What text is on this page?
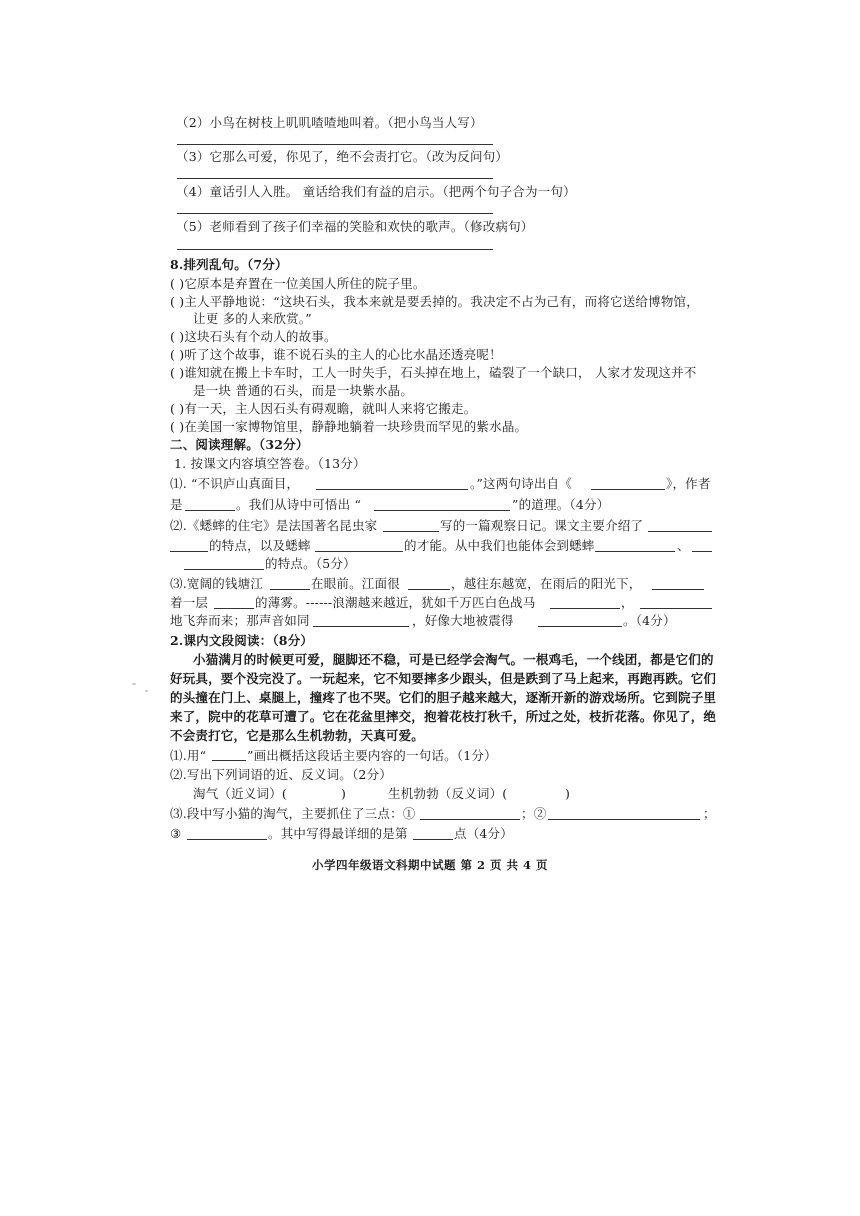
（2）小鸟在树枝上叽叽喳喳地叫着。（把小鸟当人写）
（3）它那么可爱，你见了，绝不会责打它。（改为反问句）
（4）童话引人入胜。 童话给我们有益的启示。（把两个句子合为一句）
（5）老师看到了孩子们幸福的笑脸和欢快的歌声。（修改病句）
8.排列乱句。（7分）
( )它原本是弃置在一位美国人所住的院子里。
( )主人平静地说：“这块石头，我本来就是要丢掉的。我决定不占为己有，而将它送给博物馆，
让更 多的人来欣赏。”
( )这块石头有个动人的故事。
( )听了这个故事，谁不说石头的主人的心比水晶还透亮呢！
( )谁知就在搬上卡车时，工人一时失手，石头掉在地上，磕裂了一个缺口， 人家才发现这并不
是一块 普通的石头，而是一块紫水晶。
( )有一天，主人因石头有碍观瞻，就叫人来将它搬走。
( )在美国一家博物馆里，静静地躺着一块珍贵而罕见的紫水晶。
二、阅读理解。（32分）
1. 按课文内容填空答卷。（13分）
⑴. “不识庐山真面目，	。”这两句诗出自《	》，作者
是	。我们从诗中可悟出 “	”的道理。（4分）
⑵.《蟋蟀的住宅》是法国著名昆虫家	写的一篇观察日记。课文主要介绍了
的特点，以及蟋蟀	的才能。从中我们也能体会到蟋蟀	、
的特点。（5分）
⑶.宽阔的钱塘江	在眼前。江面很	，越往东越宽，在雨后的阳光下，
着一层	的薄雾。------浪潮越来越近，犹如千万匹白色战马	，
地飞奔而来；那声音如同	，好像大地被震得	。（4分）
2.课内文段阅读：（8分）
小猫满月的时候更可爱，腿脚还不稳，可是已经学会淘气。一根鸡毛，一个线团，都是它们的
好玩具，要个没完没了。一玩起来，它不知要摔多少跟头，但是跌到了马上起来，再跑再跌。它们
的头撞在门上、桌腿上，撞疼了也不哭。它们的胆子越来越大，逐渐开新的游戏场所。它到院子里
来了，院中的花草可遭了。它在花盆里摔交，抱着花枝打秋千，所过之处，枝折花落。你见了，绝
不会责打它，它是那么生机勃勃，天真可爱。
⑴.用“	”画出概括这段话主要内容的一句话。（1分）
⑵.写出下列词语的近、反义词。（2分）
淘气（近义词）(	)	生机勃勃（反义词）(	)
⑶.段中写小猫的淘气，主要抓住了三点：①	；②	；
③	。其中写得最详细的是第	点（4分）
小学四年级语文科期中试题 第 2 页 共 4 页
